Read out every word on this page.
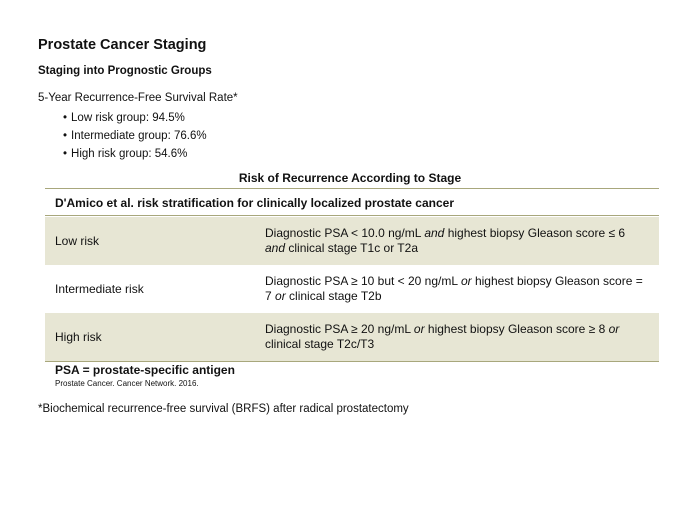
Prostate Cancer Staging
Staging into Prognostic Groups
5-Year Recurrence-Free Survival Rate*
• Low risk group: 94.5%
• Intermediate group: 76.6%
• High risk group: 54.6%
Risk of Recurrence According to Stage
D'Amico et al. risk stratification for clinically localized prostate cancer
Low risk
Diagnostic PSA < 10.0 ng/mL and highest biopsy Gleason score ≤ 6 and clinical stage T1c or T2a
Intermediate risk
Diagnostic PSA ≥ 10 but < 20 ng/mL or highest biopsy Gleason score = 7 or clinical stage T2b
High risk
Diagnostic PSA ≥ 20 ng/mL or highest biopsy Gleason score ≥ 8 or clinical stage T2c/T3
PSA = prostate-specific antigen
Prostate Cancer. Cancer Network. 2016.
*Biochemical recurrence-free survival (BRFS) after radical prostatectomy
